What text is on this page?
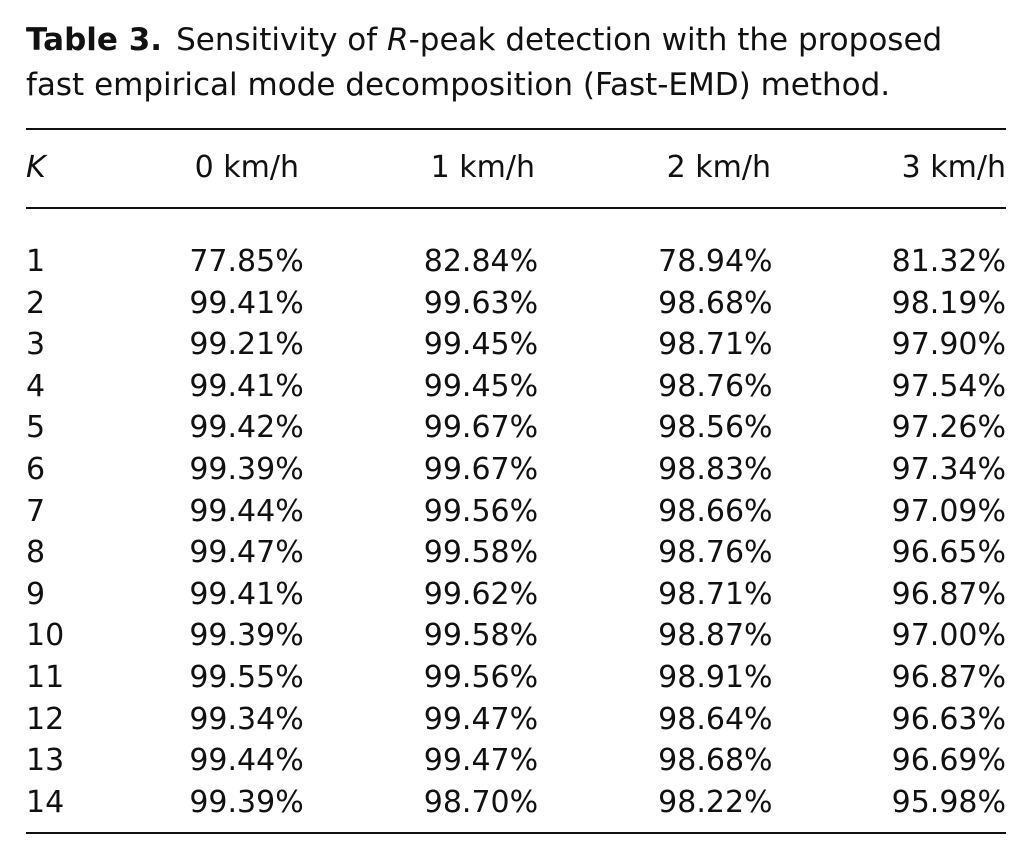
Table 3. Sensitivity of R-peak detection with the proposed fast empirical mode decomposition (Fast-EMD) method.

K	0 km/h	1 km/h	2 km/h	3 km/h
1	77.85%	82.84%	78.94%	81.32%
2	99.41%	99.63%	98.68%	98.19%
3	99.21%	99.45%	98.71%	97.90%
4	99.41%	99.45%	98.76%	97.54%
5	99.42%	99.67%	98.56%	97.26%
6	99.39%	99.67%	98.83%	97.34%
7	99.44%	99.56%	98.66%	97.09%
8	99.47%	99.58%	98.76%	96.65%
9	99.41%	99.62%	98.71%	96.87%
10	99.39%	99.58%	98.87%	97.00%
11	99.55%	99.56%	98.91%	96.87%
12	99.34%	99.47%	98.64%	96.63%
13	99.44%	99.47%	98.68%	96.69%
14	99.39%	98.70%	98.22%	95.98%
